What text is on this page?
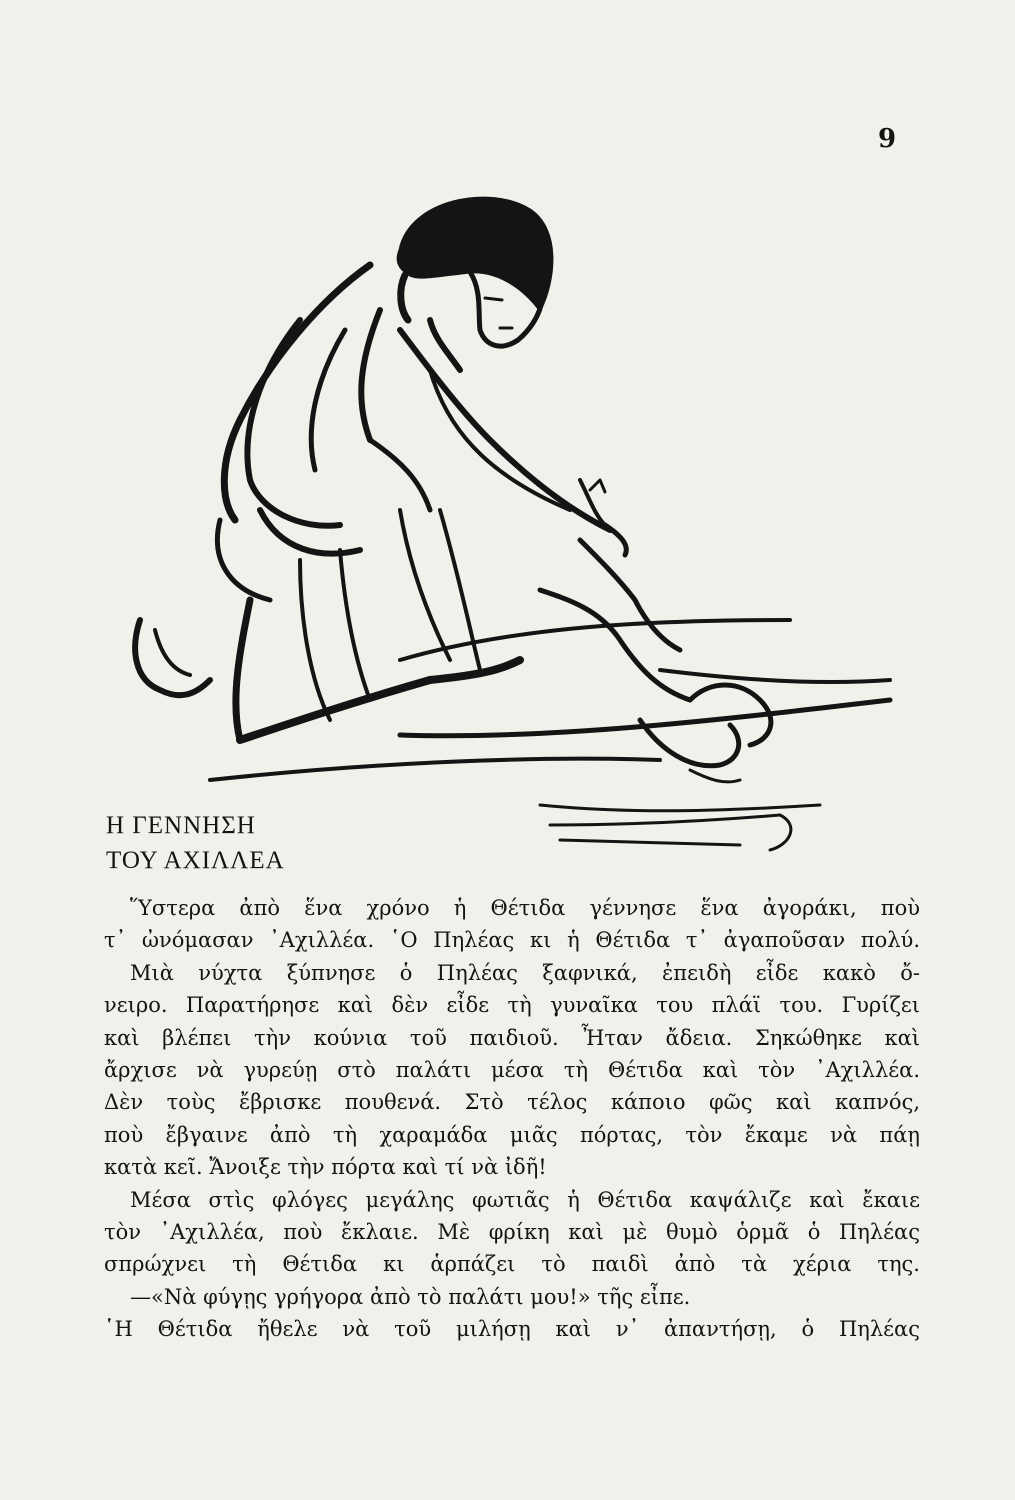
9
Η ΓΕΝΝΗΣΗ
ΤΟΥ ΑΧΙΛΛΕΑ
Ὕστερα ἀπὸ ἕνα χρόνο ἡ Θέτιδα γέννησε ἕνα ἀγοράκι, ποὺ
τ᾿ ὠνόμασαν ᾿Αχιλλέα. ῾Ο Πηλέας κι ἡ Θέτιδα τ᾿ ἀγαποῦσαν πολύ.
Μιὰ νύχτα ξύπνησε ὁ Πηλέας ξαφνικά, ἐπειδὴ εἶδε κακὸ ὄ-
νειρο. Παρατήρησε καὶ δὲν εἶδε τὴ γυναῖκα του πλάϊ του. Γυρίζει
καὶ βλέπει τὴν κούνια τοῦ παιδιοῦ. Ἦταν ἄδεια. Σηκώθηκε καὶ
ἄρχισε νὰ γυρεύῃ στὸ παλάτι μέσα τὴ Θέτιδα καὶ τὸν ᾿Αχιλλέα.
Δὲν τοὺς ἔβρισκε πουθενά. Στὸ τέλος κάποιο φῶς καὶ καπνός,
ποὺ ἔβγαινε ἀπὸ τὴ χαραμάδα μιᾶς πόρτας, τὸν ἔκαμε νὰ πάῃ
κατὰ κεῖ. Ἄνοιξε τὴν πόρτα καὶ τί νὰ ἰδῆ!
Μέσα στὶς φλόγες μεγάλης φωτιᾶς ἡ Θέτιδα καψάλιζε καὶ ἔκαιε
τὸν ᾿Αχιλλέα, ποὺ ἔκλαιε. Μὲ φρίκη καὶ μὲ θυμὸ ὁρμᾶ ὁ Πηλέας
σπρώχνει τὴ Θέτιδα κι ἁρπάζει τὸ παιδὶ ἀπὸ τὰ χέρια της.
—«Νὰ φύγῃς γρήγορα ἀπὸ τὸ παλάτι μου!» τῆς εἶπε.
῾Η Θέτιδα ἤθελε νὰ τοῦ μιλήσῃ καὶ ν᾿ ἀπαντήσῃ, ὁ Πηλέας
